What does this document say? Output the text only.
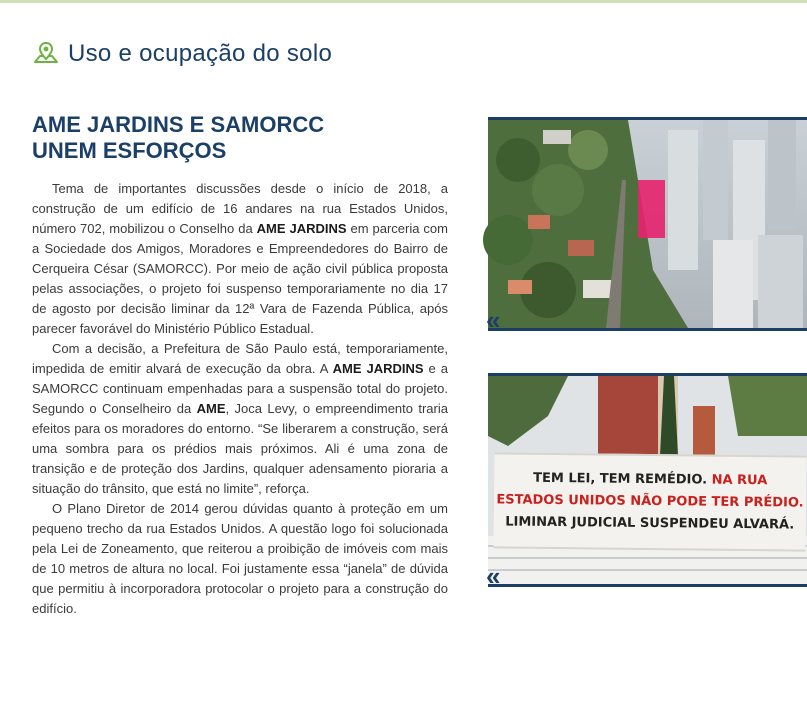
Uso e ocupação do solo
AME JARDINS E SAMORCC
UNEM ESFORÇOS

Tema de importantes discussões desde o início de 2018, a construção de um edifício de 16 andares na rua Estados Unidos, número 702, mobilizou o Conselho da AME JARDINS em parceria com a Sociedade dos Amigos, Moradores e Empreendedores do Bairro de Cerqueira César (SAMORCC). Por meio de ação civil pública proposta pelas associações, o projeto foi suspenso temporariamente no dia 17 de agosto por decisão liminar da 12ª Vara de Fazenda Pública, após parecer favorável do Ministério Público Estadual.

Com a decisão, a Prefeitura de São Paulo está, temporariamente, impedida de emitir alvará de execução da obra. A AME JARDINS e a SAMORCC continuam empenhadas para a suspensão total do projeto. Segundo o Conselheiro da AME, Joca Levy, o empreendimento traria efeitos para os moradores do entorno. “Se liberarem a construção, será uma sombra para os prédios mais próximos. Ali é uma zona de transição e de proteção dos Jardins, qualquer adensamento pioraria a situação do trânsito, que está no limite”, reforça.

O Plano Diretor de 2014 gerou dúvidas quanto à proteção em um pequeno trecho da rua Estados Unidos. A questão logo foi solucionada pela Lei de Zoneamento, que reiterou a proibição de imóveis com mais de 10 metros de altura no local. Foi justamente essa “janela” de dúvida que permitiu à incorporadora protocolar o projeto para a construção do edifício.

«
TEM LEI, TEM REMÉDIO. NA RUA
ESTADOS UNIDOS NÃO PODE TER PRÉDIO.
LIMINAR JUDICIAL SUSPENDEU ALVARÁ.
«
